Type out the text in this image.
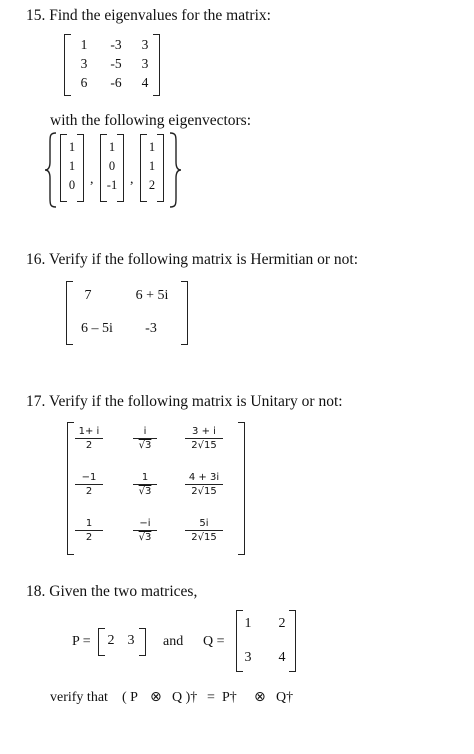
15. Find the eigenvalues for the matrix:
1	-3	3
3	-5	3
6	-6	4
with the following eigenvectors:
1
1
0	,
1
0
-1 ,
1
1
2
16. Verify if the following matrix is Hermitian or not:
7	6 + 5i
6 – 5i	-3
17. Verify if the following matrix is Unitary or not:
$\frac{1+ i}{2}$	$\frac{i}{√3}$	$\frac{3 + i}{2√15}$
$\frac{-1}{2}$	$\frac{1}{√3}$	$\frac{4 + 3i}{2√15}$
$\frac{1}{2}$	$\frac{-i}{√3}$	$\frac{5i}{2√15}$
18. Given the two matrices,
P = 2 3 and Q =
1	2
3	4
verify that ( P ⊗ Q )† = P† ⊗ Q†
